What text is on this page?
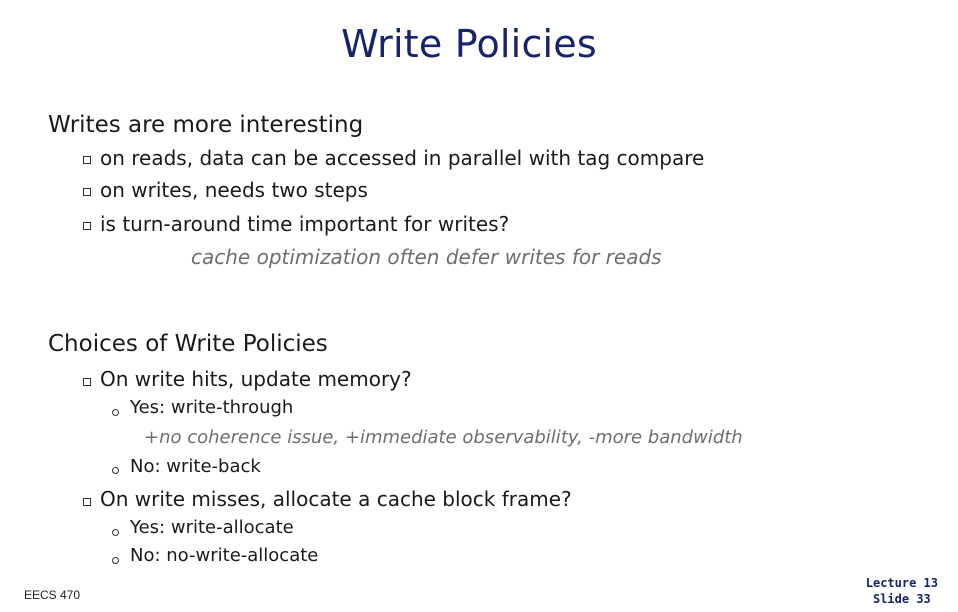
Write Policies
Writes are more interesting
on reads, data can be accessed in parallel with tag compare
on writes, needs two steps
is turn-around time important for writes?
cache optimization often defer writes for reads
Choices of Write Policies
On write hits, update memory?
Yes: write-through
+no coherence issue, +immediate observability, -more bandwidth
No: write-back
On write misses, allocate a cache block frame?
Yes: write-allocate
No: no-write-allocate
EECS 470
Lecture 13
Slide 33
